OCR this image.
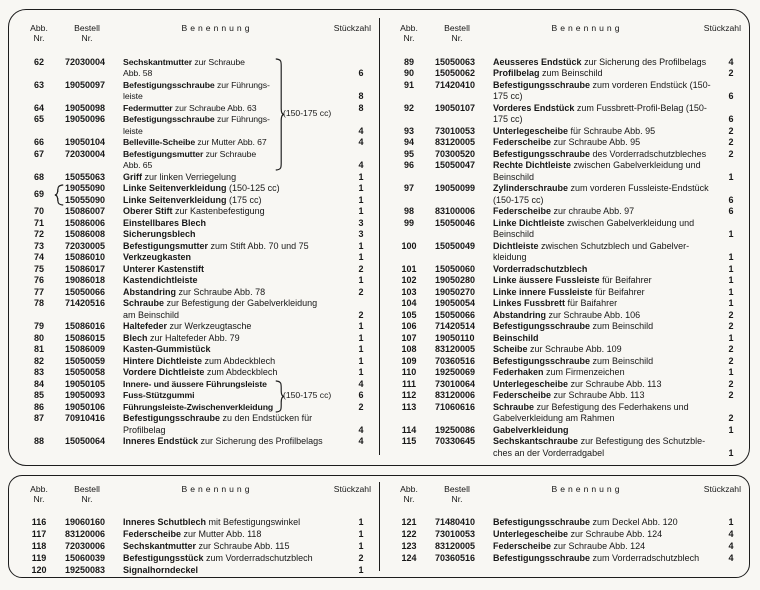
Abb.
Nr.
Bestell
Nr.
Benennung	Stückzahl
62	72030004	Sechskantmutter zur Schraube
Abb. 58	6
63	19050097	Befestigungsschraube zur Führungs-
leiste	8
64	19050098	Federmutter zur Schraube Abb. 63	8
65	19050096	Befestigungsschraube zur Führungs-
leiste	4
66	19050104	Belleville-Scheibe zur Mutter Abb. 67	4
67	72030004	Befestigungsmutter zur Schraube
Abb. 65	4
68	15055063	Griff zur linken Verriegelung	1
69
19055090	Linke Seitenverkleidung (150-125 cc)	1
15055090	Linke Seitenverkleidung (175 cc)	1
70	15086007	Oberer Stift zur Kastenbefestigung	1
71	15086006	Einstellbares Blech	3
72	15086008	Sicherungsblech	3
73	72030005	Befestigungsmutter zum Stift Abb. 70 und 75	1
74	15086010	Verkzeugkasten	1
75	15086017	Unterer Kastenstift	2
76	19086018	Kastendichtleiste	1
77	15050066	Abstandring zur Schraube Abb. 78	2
78	71420516	Schraube zur Befestigung der Gabelverkleidung
am Beinschild	2
79	15086016	Haltefeder zur Werkzeugtasche	1
80	15086015	Blech zur Haltefeder Abb. 79	1
81	15086009	Kasten-Gummistück	1
82	15050059	Hintere Dichtleiste zum Abdeckblech	1
83	15050058	Vordere Dichtleiste zum Abdeckblech	1
84	19050105	Innere- und äussere Führungsleiste	4
85	19050093	Fuss-Stützgummi	6
86	19050106	Führungsleiste-Zwischenverkleidung	2
87	70910416	Befestigungsschraube zu den Endstücken für
Profilbelag	4
88	15050064	Inneres Endstück zur Sicherung des Profilbelags	4
(150-175 cc)
(150-175 cc)
Abb.
Nr.
Bestell
Nr.
Benennung	Stückzahl
89	15050063	Aeusseres Endstück zur Sicherung des Profilbelags	4
90	15050062	Profilbelag zum Beinschild	2
91	71420410	Befestigungsschraube zum vorderen Endstück (150-
175 cc)	6
92	19050107	Vorderes Endstück zum Fussbrett-Profil-Belag (150-
175 cc)	6
93	73010053	Unterlegescheibe für Schraube Abb. 95	2
94	83120005	Federscheibe zur Schraube Abb. 95	2
95	70300520	Befestigungsschraube des Vorderradschutzbleches	2
96	15050047	Rechte Dichtleiste zwischen Gabelverkleidung und
Beinschild	1
97	19050099	Zylinderschraube zum vorderen Fussleiste-Endstück
(150-175 cc)	6
98	83100006	Federscheibe zur chraube Abb. 97	6
99	15050046	Linke Dichtleiste zwischen Gabelverkleidung und
Beinschild	1
100	15050049	Dichtleiste zwischen Schutzblech und Gabelver-
kleidung	1
101	15050060	Vorderradschutzblech	1
102	19050280	Linke äussere Fussleiste für Beifahrer	1
103	19050270	Linke innere Fussleiste für Beifahrer	1
104	19050054	Linkes Fussbrett für Baifahrer	1
105	15050066	Abstandring zur Schraube Abb. 106	2
106	71420514	Befestigungsschraube zum Beinschild	2
107	19050110	Beinschild	1
108	83120005	Scheibe zur Schraube Abb. 109	2
109	70360516	Befestigungsschraube zum Beinschild	2
110	19250069	Federhaken zum Firmenzeichen	1
111	73010064	Unterlegescheibe zur Schraube Abb. 113	2
112	83120006	Federscheibe zur Schraube Abb. 113	2
113	71060616	Schraube zur Befestigung des Federhakens und
Gabelverkleidung am Rahmen	2
114	19250086	Gabelverkleidung	1
115	70330645	Sechskantschraube zur Befestigung des Schutzble-
ches an der Vorderradgabel	1
Abb.
Nr.
Bestell
Nr.
Benennung	Stückzahl
116	19060160	Inneres Schutblech mit Befestigungswinkel	1
117	83120006	Federscheibe zur Mutter Abb. 118	1
118	72030006	Sechskantmutter zur Schraube Abb. 115	1
119	15060039	Befestigungsstück zum Vorderradschutzblech	2
120	19250083	Signalhorndeckel	1
Abb.
Nr.
Bestell
Nr.
Benennung	Stückzahl
121	71480410	Befestigungsschraube zum Deckel Abb. 120	1
122	73010053	Unterlegescheibe zur Schraube Abb. 124	4
123	83120005	Federscheibe zur Schraube Abb. 124	4
124	70360516	Befestigungsschraube zum Vorderradschutzblech	4
